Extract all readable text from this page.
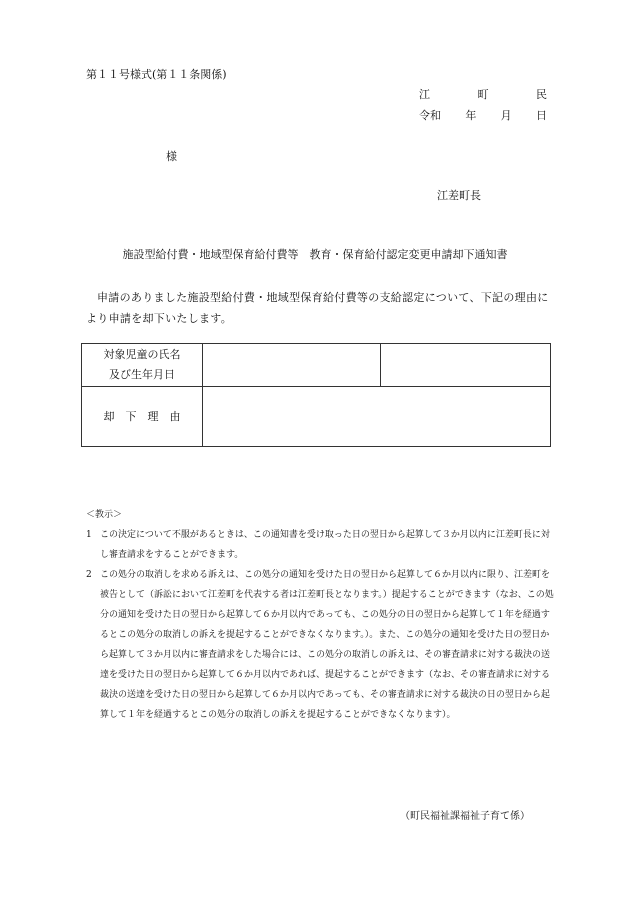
第１１号様式(第１１条関係)
江	町	民
令和 年 月 日
様
江差町長
施設型給付費・地域型保育給付費等　教育・保育給付認定変更申請却下通知書
申請のありました施設型給付費・地域型保育給付費等の支給認定について、下記の理由により申請を却下いたします。
対象児童の氏名
及び生年月日		

却　下　理　由		
＜教示＞
1 この決定について不服があるときは、この通知書を受け取った日の翌日から起算して３か月以内に江差町長に対し審査請求をすることができます。
2 この処分の取消しを求める訴えは、この処分の通知を受けた日の翌日から起算して６か月以内に限り、江差町を被告として（訴訟において江差町を代表する者は江差町長となります。）提起することができます（なお、この処分の通知を受けた日の翌日から起算して６か月以内であっても、この処分の日の翌日から起算して１年を経過するとこの処分の取消しの訴えを提起することができなくなります。）。また、この処分の通知を受けた日の翌日から起算して３か月以内に審査請求をした場合には、この処分の取消しの訴えは、その審査請求に対する裁決の送達を受けた日の翌日から起算して６か月以内であれば、提起することができます（なお、その審査請求に対する裁決の送達を受けた日の翌日から起算して６か月以内であっても、その審査請求に対する裁決の日の翌日から起算して１年を経過するとこの処分の取消しの訴えを提起することができなくなります）。
（町民福祉課福祉子育て係）
